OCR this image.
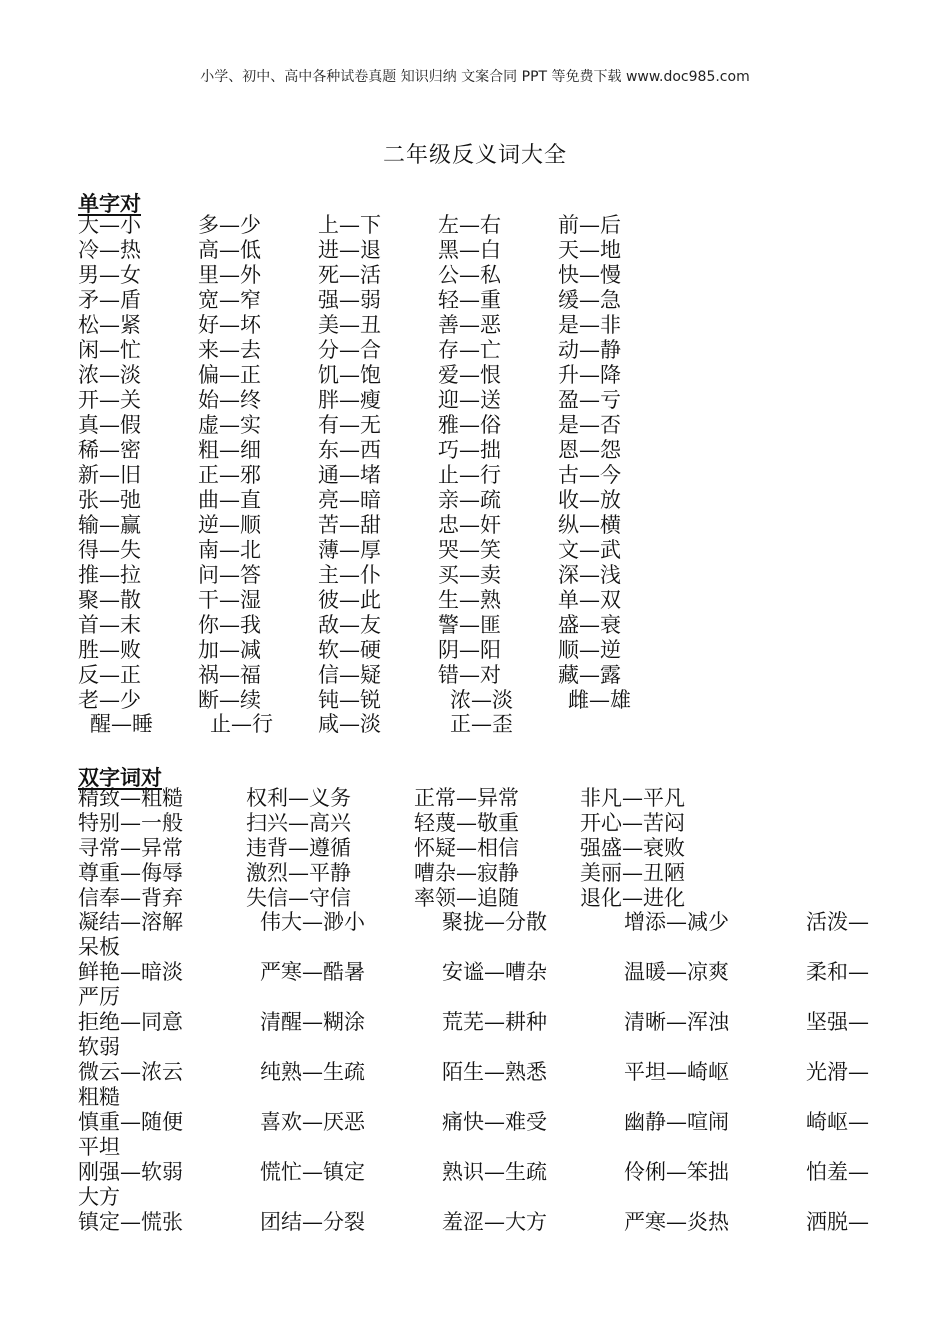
小学、初中、高中各种试卷真题 知识归纳 文案合同 PPT 等免费下载 www.doc985.com
二年级反义词大全
单字对
大—小	多—少	上—下	左—右	前—后
冷—热	高—低	进—退	黑—白	天—地
男—女	里—外	死—活	公—私	快—慢
矛—盾	宽—窄	强—弱	轻—重	缓—急
松—紧	好—坏	美—丑	善—恶	是—非
闲—忙	来—去	分—合	存—亡	动—静
浓—淡	偏—正	饥—饱	爱—恨	升—降
开—关	始—终	胖—瘦	迎—送	盈—亏
真—假	虚—实	有—无	雅—俗	是—否
稀—密	粗—细	东—西	巧—拙	恩—怨
新—旧	正—邪	通—堵	止—行	古—今
张—弛	曲—直	亮—暗	亲—疏	收—放
输—赢	逆—顺	苦—甜	忠—奸	纵—横
得—失	南—北	薄—厚	哭—笑	文—武
推—拉	问—答	主—仆	买—卖	深—浅
聚—散	干—湿	彼—此	生—熟	单—双
首—末	你—我	敌—友	警—匪	盛—衰
胜—败	加—减	软—硬	阴—阳	顺—逆
反—正	祸—福	信—疑	错—对	藏—露
老—少	断—续	钝—锐	浓—淡	雌—雄
醒—睡	止—行 咸—淡	正—歪
双字词对
精致—粗糙	权利—义务	正常—异常	非凡—平凡
特别—一般	扫兴—高兴	轻蔑—敬重	开心—苦闷
寻常—异常	违背—遵循	怀疑—相信	强盛—衰败
尊重—侮辱	激烈—平静	嘈杂—寂静	美丽—丑陋
信奉—背弃	失信—守信	率领—追随	退化—进化
凝结—溶解	伟大—渺小	聚拢—分散	增添—减少	活泼—
呆板
鲜艳—暗淡	严寒—酷暑	安谧—嘈杂	温暖—凉爽	柔和—
严厉
拒绝—同意	清醒—糊涂	荒芜—耕种	清晰—浑浊	坚强—
软弱
微云—浓云	纯熟—生疏	陌生—熟悉	平坦—崎岖	光滑—
粗糙
慎重—随便	喜欢—厌恶	痛快—难受	幽静—喧闹	崎岖—
平坦
刚强—软弱	慌忙—镇定	熟识—生疏	伶俐—笨拙	怕羞—
大方
镇定—慌张	团结—分裂	羞涩—大方	严寒—炎热	洒脱—
